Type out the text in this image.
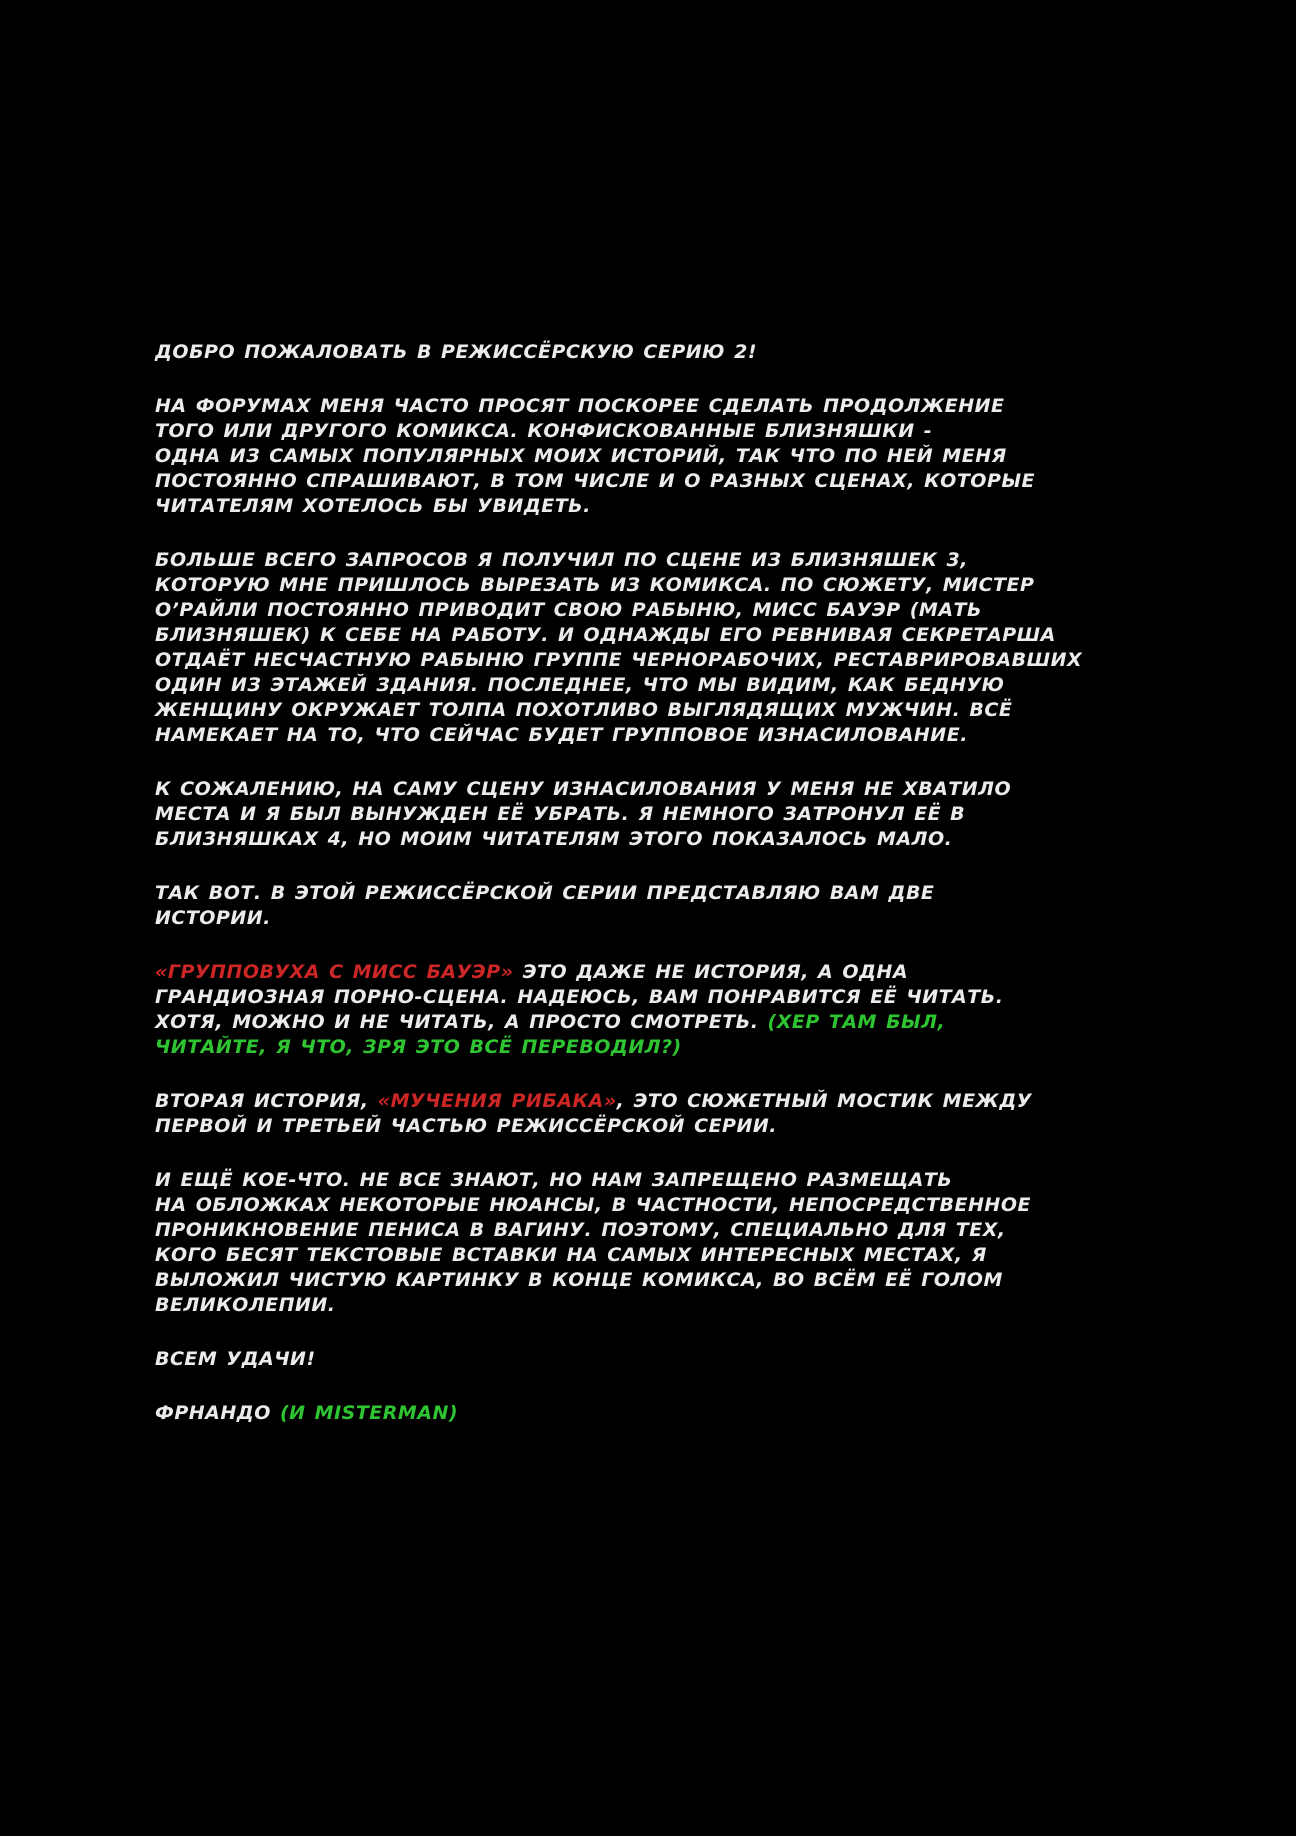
ДОБРО ПОЖАЛОВАТЬ В РЕЖИССЁРСКУЮ СЕРИЮ 2!

НА ФОРУМАХ МЕНЯ ЧАСТО ПРОСЯТ ПОСКОРЕЕ СДЕЛАТЬ ПРОДОЛЖЕНИЕ
ТОГО ИЛИ ДРУГОГО КОМИКСА. КОНФИСКОВАННЫЕ БЛИЗНЯШКИ -
ОДНА ИЗ САМЫХ ПОПУЛЯРНЫХ МОИХ ИСТОРИЙ, ТАК ЧТО ПО НЕЙ МЕНЯ
ПОСТОЯННО СПРАШИВАЮТ, В ТОМ ЧИСЛЕ И О РАЗНЫХ СЦЕНАХ, КОТОРЫЕ
ЧИТАТЕЛЯМ ХОТЕЛОСЬ БЫ УВИДЕТЬ.

БОЛЬШЕ ВСЕГО ЗАПРОСОВ Я ПОЛУЧИЛ ПО СЦЕНЕ ИЗ БЛИЗНЯШЕК 3,
КОТОРУЮ МНЕ ПРИШЛОСЬ ВЫРЕЗАТЬ ИЗ КОМИКСА. ПО СЮЖЕТУ, МИСТЕР
О’РАЙЛИ ПОСТОЯННО ПРИВОДИТ СВОЮ РАБЫНЮ, МИСС БАУЭР (МАТЬ
БЛИЗНЯШЕК) К СЕБЕ НА РАБОТУ. И ОДНАЖДЫ ЕГО РЕВНИВАЯ СЕКРЕТАРША
ОТДАЁТ НЕСЧАСТНУЮ РАБЫНЮ ГРУППЕ ЧЕРНОРАБОЧИХ, РЕСТАВРИРОВАВШИХ
ОДИН ИЗ ЭТАЖЕЙ ЗДАНИЯ. ПОСЛЕДНЕЕ, ЧТО МЫ ВИДИМ, КАК БЕДНУЮ
ЖЕНЩИНУ ОКРУЖАЕТ ТОЛПА ПОХОТЛИВО ВЫГЛЯДЯЩИХ МУЖЧИН. ВСЁ
НАМЕКАЕТ НА ТО, ЧТО СЕЙЧАС БУДЕТ ГРУППОВОЕ ИЗНАСИЛОВАНИЕ.

К СОЖАЛЕНИЮ, НА САМУ СЦЕНУ ИЗНАСИЛОВАНИЯ У МЕНЯ НЕ ХВАТИЛО
МЕСТА И Я БЫЛ ВЫНУЖДЕН ЕЁ УБРАТЬ. Я НЕМНОГО ЗАТРОНУЛ ЕЁ В
БЛИЗНЯШКАХ 4, НО МОИМ ЧИТАТЕЛЯМ ЭТОГО ПОКАЗАЛОСЬ МАЛО.

ТАК ВОТ. В ЭТОЙ РЕЖИССЁРСКОЙ СЕРИИ ПРЕДСТАВЛЯЮ ВАМ ДВЕ
ИСТОРИИ.

«ГРУППОВУХА С МИСС БАУЭР» ЭТО ДАЖЕ НЕ ИСТОРИЯ, А ОДНА
ГРАНДИОЗНАЯ ПОРНО-СЦЕНА. НАДЕЮСЬ, ВАМ ПОНРАВИТСЯ ЕЁ ЧИТАТЬ.
ХОТЯ, МОЖНО И НЕ ЧИТАТЬ, А ПРОСТО СМОТРЕТЬ. (ХЕР ТАМ БЫЛ,
ЧИТАЙТЕ, Я ЧТО, ЗРЯ ЭТО ВСЁ ПЕРЕВОДИЛ?)

ВТОРАЯ ИСТОРИЯ, «МУЧЕНИЯ РИБАКА», ЭТО СЮЖЕТНЫЙ МОСТИК МЕЖДУ
ПЕРВОЙ И ТРЕТЬЕЙ ЧАСТЬЮ РЕЖИССЁРСКОЙ СЕРИИ.

И ЕЩЁ КОЕ-ЧТО. НЕ ВСЕ ЗНАЮТ, НО НАМ ЗАПРЕЩЕНО РАЗМЕЩАТЬ
НА ОБЛОЖКАХ НЕКОТОРЫЕ НЮАНСЫ, В ЧАСТНОСТИ, НЕПОСРЕДСТВЕННОЕ
ПРОНИКНОВЕНИЕ ПЕНИСА В ВАГИНУ. ПОЭТОМУ, СПЕЦИАЛЬНО ДЛЯ ТЕХ,
КОГО БЕСЯТ ТЕКСТОВЫЕ ВСТАВКИ НА САМЫХ ИНТЕРЕСНЫХ МЕСТАХ, Я
ВЫЛОЖИЛ ЧИСТУЮ КАРТИНКУ В КОНЦЕ КОМИКСА, ВО ВСЁМ ЕЁ ГОЛОМ
ВЕЛИКОЛЕПИИ.

ВСЕМ УДАЧИ!

ФРНАНДО (И MISTERMAN)
